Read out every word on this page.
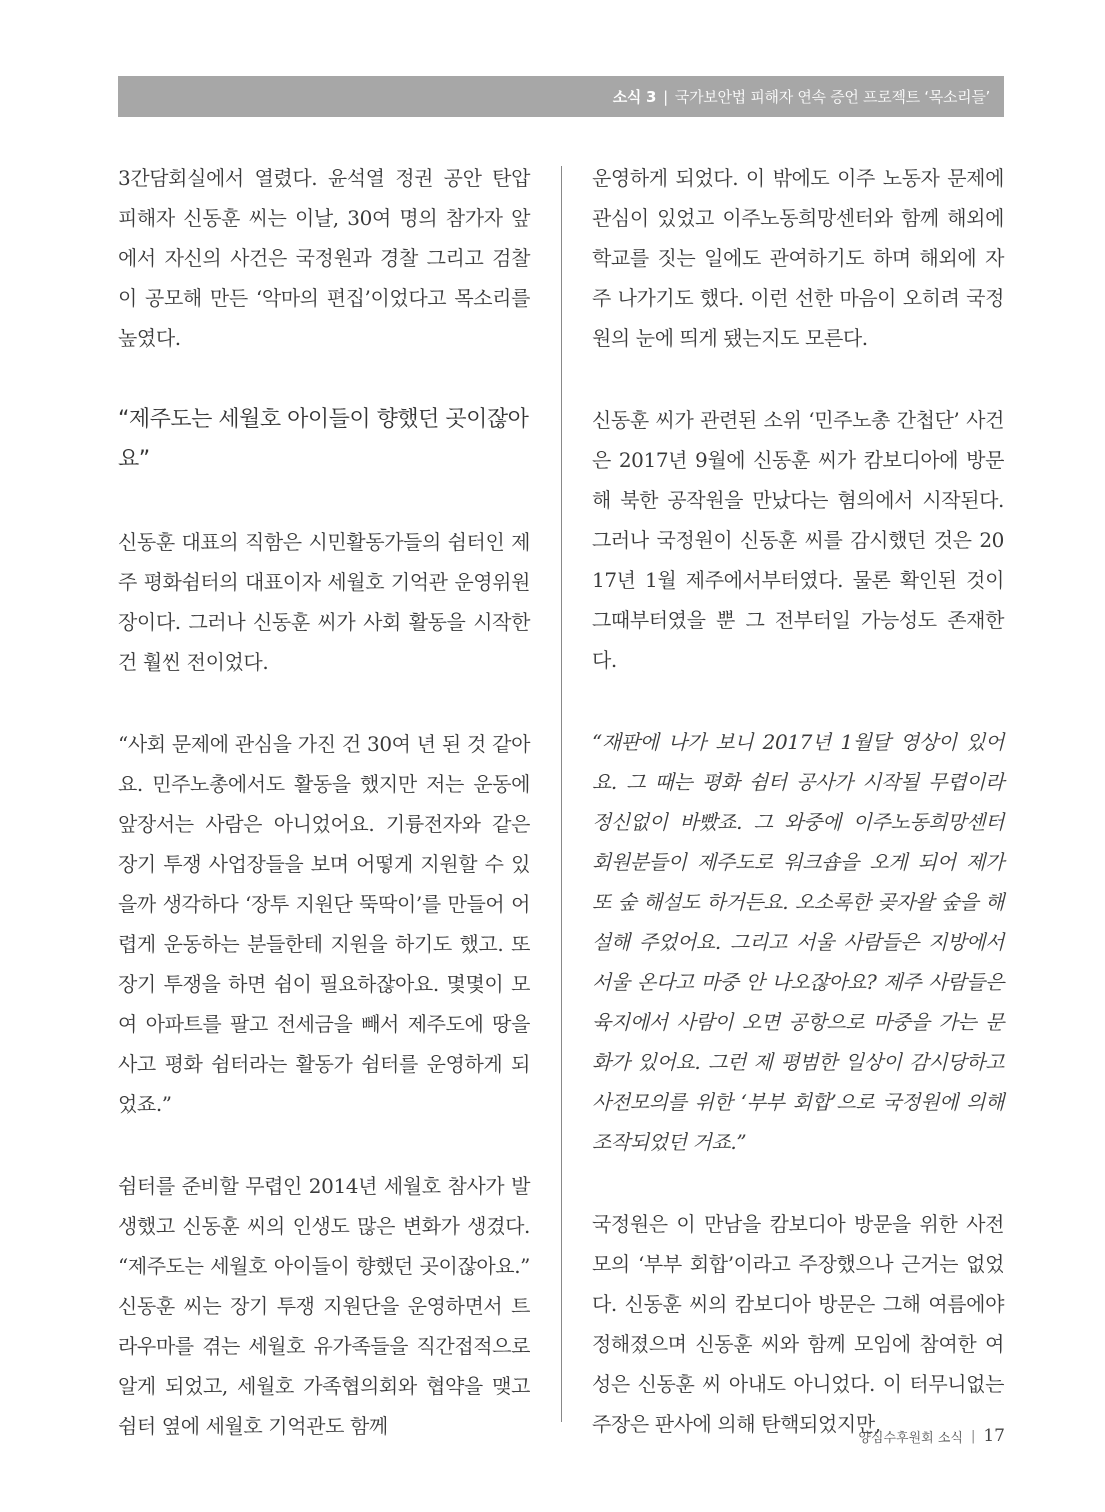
소식 3 | 국가보안법 피해자 연속 증언 프로젝트 ‘목소리들’

3간담회실에서 열렸다. 윤석열 정권 공안 탄압 피해자 신동훈 씨는 이날, 30여 명의 참가자 앞에서 자신의 사건은 국정원과 경찰 그리고 검찰이 공모해 만든 ‘악마의 편집’이었다고 목소리를 높였다.

“제주도는 세월호 아이들이 향했던 곳이잖아요”

신동훈 대표의 직함은 시민활동가들의 쉼터인 제주 평화쉼터의 대표이자 세월호 기억관 운영위원장이다. 그러나 신동훈 씨가 사회 활동을 시작한 건 훨씬 전이었다.

“사회 문제에 관심을 가진 건 30여 년 된 것 같아요. 민주노총에서도 활동을 했지만 저는 운동에 앞장서는 사람은 아니었어요. 기륭전자와 같은 장기 투쟁 사업장들을 보며 어떻게 지원할 수 있을까 생각하다 ‘장투 지원단 뚝딱이’를 만들어 어렵게 운동하는 분들한테 지원을 하기도 했고. 또 장기 투쟁을 하면 쉼이 필요하잖아요. 몇몇이 모여 아파트를 팔고 전세금을 빼서 제주도에 땅을 사고 평화 쉼터라는 활동가 쉼터를 운영하게 되었죠.”

쉼터를 준비할 무렵인 2014년 세월호 참사가 발생했고 신동훈 씨의 인생도 많은 변화가 생겼다. “제주도는 세월호 아이들이 향했던 곳이잖아요.” 신동훈 씨는 장기 투쟁 지원단을 운영하면서 트라우마를 겪는 세월호 유가족들을 직간접적으로 알게 되었고, 세월호 가족협의회와 협약을 맺고 쉼터 옆에 세월호 기억관도 함께

운영하게 되었다. 이 밖에도 이주 노동자 문제에 관심이 있었고 이주노동희망센터와 함께 해외에 학교를 짓는 일에도 관여하기도 하며 해외에 자주 나가기도 했다. 이런 선한 마음이 오히려 국정원의 눈에 띄게 됐는지도 모른다.

신동훈 씨가 관련된 소위 ‘민주노총 간첩단’ 사건은 2017년 9월에 신동훈 씨가 캄보디아에 방문해 북한 공작원을 만났다는 혐의에서 시작된다. 그러나 국정원이 신동훈 씨를 감시했던 것은 2017년 1월 제주에서부터였다. 물론 확인된 것이 그때부터였을 뿐 그 전부터일 가능성도 존재한다.

“재판에 나가 보니 2017년 1월달 영상이 있어요. 그 때는 평화 쉼터 공사가 시작될 무렵이라 정신없이 바빴죠. 그 와중에 이주노동희망센터 회원분들이 제주도로 워크숍을 오게 되어 제가 또 숲 해설도 하거든요. 오소록한 곶자왈 숲을 해설해 주었어요. 그리고 서울 사람들은 지방에서 서울 온다고 마중 안 나오잖아요? 제주 사람들은 육지에서 사람이 오면 공항으로 마중을 가는 문화가 있어요. 그런 제 평범한 일상이 감시당하고 사전모의를 위한 ‘부부 회합’으로 국정원에 의해 조작되었던 거죠.”

국정원은 이 만남을 캄보디아 방문을 위한 사전모의 ‘부부 회합’이라고 주장했으나 근거는 없었다. 신동훈 씨의 캄보디아 방문은 그해 여름에야 정해졌으며 신동훈 씨와 함께 모임에 참여한 여성은 신동훈 씨 아내도 아니었다. 이 터무니없는 주장은 판사에 의해 탄핵되었지만,

양심수후원회 소식 | 17
